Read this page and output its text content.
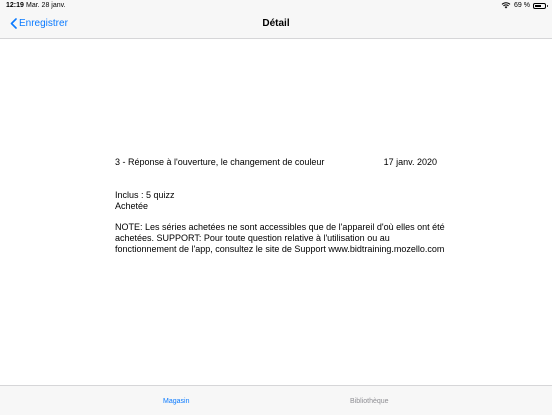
12:19 Mar. 28 janv.	69 %
Enregistrer	Détail
3 - Réponse à l'ouverture, le changement de couleur	17 janv. 2020
Inclus : 5 quizz
Achetée
NOTE: Les séries achetées ne sont accessibles que de l'appareil d'où elles ont été achetées. SUPPORT: Pour toute question relative à l'utilisation ou au fonctionnement de l'app, consultez le site de Support www.bidtraining.mozello.com
Magasin	Bibliothèque
